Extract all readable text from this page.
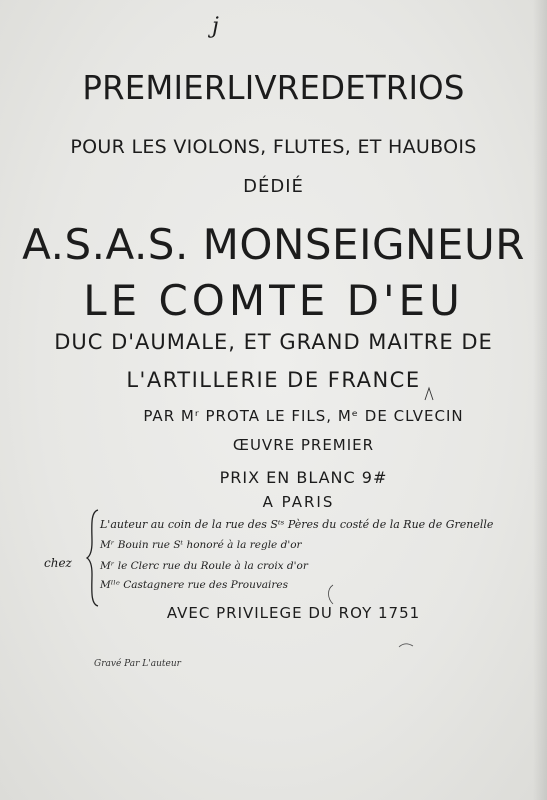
j
PREMIERLIVREDETRIOS
POUR LES VIOLONS, FLUTES, ET HAUBOIS
DÉDIÉ
A.S.A.S. MONSEIGNEUR
LE COMTE D'EU
DUC D'AUMALE, ET GRAND MAITRE DE
L'ARTILLERIE DE FRANCE
PAR Mʳ PROTA LE FILS, Mᵉ DE CLVECIN
ŒUVRE PREMIER
PRIX EN BLANC 9#
A PARIS
chez
L'auteur au coin de la rue des Sᵗˢ Pères du costé de la Rue de Grenelle
Mʳ Bouin rue Sᵗ honoré à la regle d'or
Mʳ le Clerc rue du Roule à la croix d'or
Mˡˡᵉ Castagnere rue des Prouvaires
AVEC PRIVILEGE DU ROY 1751
Gravé Par L'auteur
